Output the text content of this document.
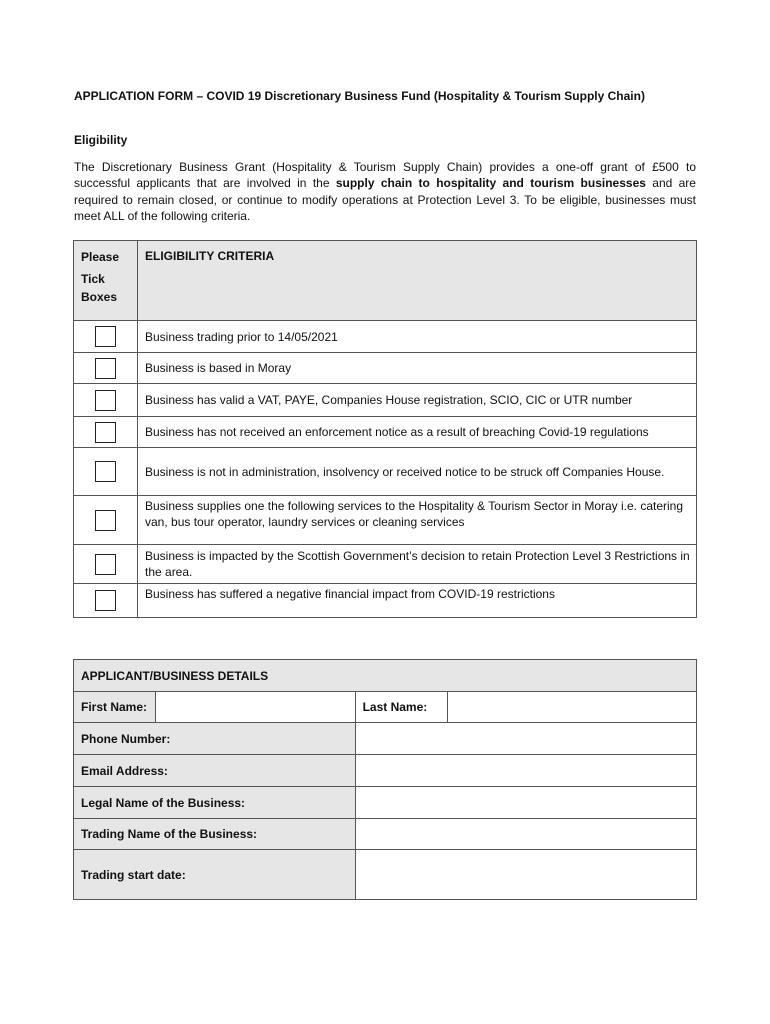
APPLICATION FORM – COVID 19 Discretionary Business Fund (Hospitality & Tourism Supply Chain)
Eligibility
The Discretionary Business Grant (Hospitality & Tourism Supply Chain) provides a one-off grant of £500 to successful applicants that are involved in the supply chain to hospitality and tourism businesses and are required to remain closed, or continue to modify operations at Protection Level 3. To be eligible, businesses must meet ALL of the following criteria.
Please
Tick
Boxes	ELIGIBILITY CRITERIA
	Business trading prior to 14/05/2021
	Business is based in Moray
	Business has valid a VAT, PAYE, Companies House registration, SCIO, CIC or UTR number
	Business has not received an enforcement notice as a result of breaching Covid-19 regulations
	Business is not in administration, insolvency or received notice to be struck off Companies House.
	Business supplies one the following services to the Hospitality & Tourism Sector in Moray i.e. catering van, bus tour operator, laundry services or cleaning services
	Business is impacted by the Scottish Government’s decision to retain Protection Level 3 Restrictions in the area.
	Business has suffered a negative financial impact from COVID-19 restrictions
APPLICANT/BUSINESS DETAILS			
First Name:		Last Name:	
Phone Number:			
Email Address:			
Legal Name of the Business:			
Trading Name of the Business:			
Trading start date:			
